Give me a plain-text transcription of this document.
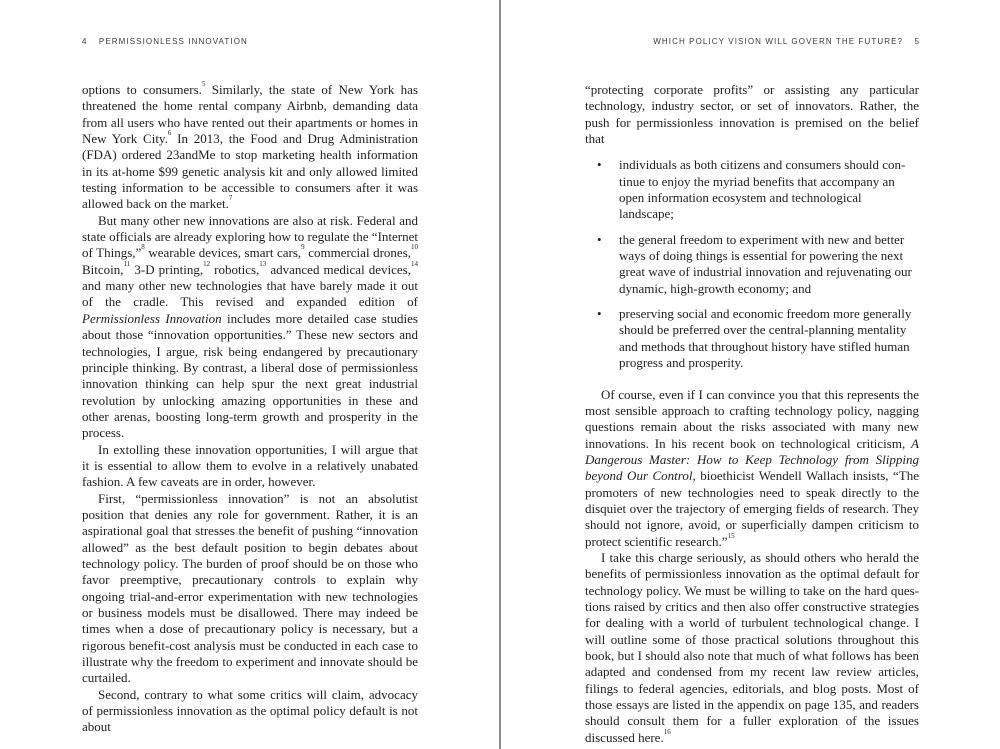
4 PERMISSIONLESS INNOVATION

options to consumers.$^5$ Similarly, the state of New York has threatened the home rental company Airbnb, demanding data from all users who have rented out their apartments or homes in New York City.$^6$ In 2013, the Food and Drug Administration (FDA) ordered 23andMe to stop marketing health information in its at-home $99 genetic analysis kit and only allowed limited testing information to be accessible to consumers after it was allowed back on the market.$^7$

But many other new innovations are also at risk. Federal and state officials are already exploring how to regulate the “Internet of Things,”$^8$ wearable devices, smart cars,$^9$ commercial drones,$^{10}$ Bitcoin,$^{11}$ 3-D printing,$^{12}$ robotics,$^{13}$ advanced medical devices,$^{14}$ and many other new technologies that have barely made it out of the cradle. This revised and expanded edition of Permissionless Innovation includes more detailed case studies about those “innovation opportunities.” These new sectors and technologies, I argue, risk being endangered by precautionary principle thinking. By contrast, a liberal dose of permissionless innovation thinking can help spur the next great industrial revolution by unlocking amazing opportunities in these and other arenas, boosting long-term growth and prosperity in the process.

In extolling these innovation opportunities, I will argue that it is essential to allow them to evolve in a relatively unabated fashion. A few caveats are in order, however.

First, “permissionless innovation” is not an absolutist position that denies any role for government. Rather, it is an aspirational goal that stresses the benefit of pushing “innovation allowed” as the best default position to begin debates about technology policy. The burden of proof should be on those who favor preemptive, precautionary controls to explain why ongoing trial-and-error experimentation with new technologies or business models must be disallowed. There may indeed be times when a dose of precautionary policy is necessary, but a rigorous benefit-cost analysis must be conducted in each case to illustrate why the freedom to experiment and innovate should be curtailed.

Second, contrary to what some critics will claim, advocacy of permissionless innovation as the optimal policy default is not about

WHICH POLICY VISION WILL GOVERN THE FUTURE? 5

“protecting corporate profits” or assisting any particular technology, industry sector, or set of innovators. Rather, the push for permissionless innovation is premised on the belief that

• individuals as both citizens and consumers should continue to enjoy the myriad benefits that accompany an open information ecosystem and technological landscape;
• the general freedom to experiment with new and better ways of doing things is essential for powering the next great wave of industrial innovation and rejuvenating our dynamic, high-growth economy; and
• preserving social and economic freedom more generally should be preferred over the central-planning mentality and methods that throughout history have stifled human progress and prosperity.

Of course, even if I can convince you that this represents the most sensible approach to crafting technology policy, nagging questions remain about the risks associated with many new innovations. In his recent book on technological criticism, A Dangerous Master: How to Keep Technology from Slipping beyond Our Control, bioethicist Wendell Wallach insists, “The promoters of new technologies need to speak directly to the disquiet over the trajectory of emerging fields of research. They should not ignore, avoid, or superficially dampen criticism to protect scientific research.”$^{15}$

I take this charge seriously, as should others who herald the benefits of permissionless innovation as the optimal default for technology policy. We must be willing to take on the hard questions raised by critics and then also offer constructive strategies for dealing with a world of turbulent technological change. I will outline some of those practical solutions throughout this book, but I should also note that much of what follows has been adapted and condensed from my recent law review articles, filings to federal agencies, editorials, and blog posts. Most of those essays are listed in the appendix on page 135, and readers should consult them for a fuller exploration of the issues discussed here.$^{16}$
